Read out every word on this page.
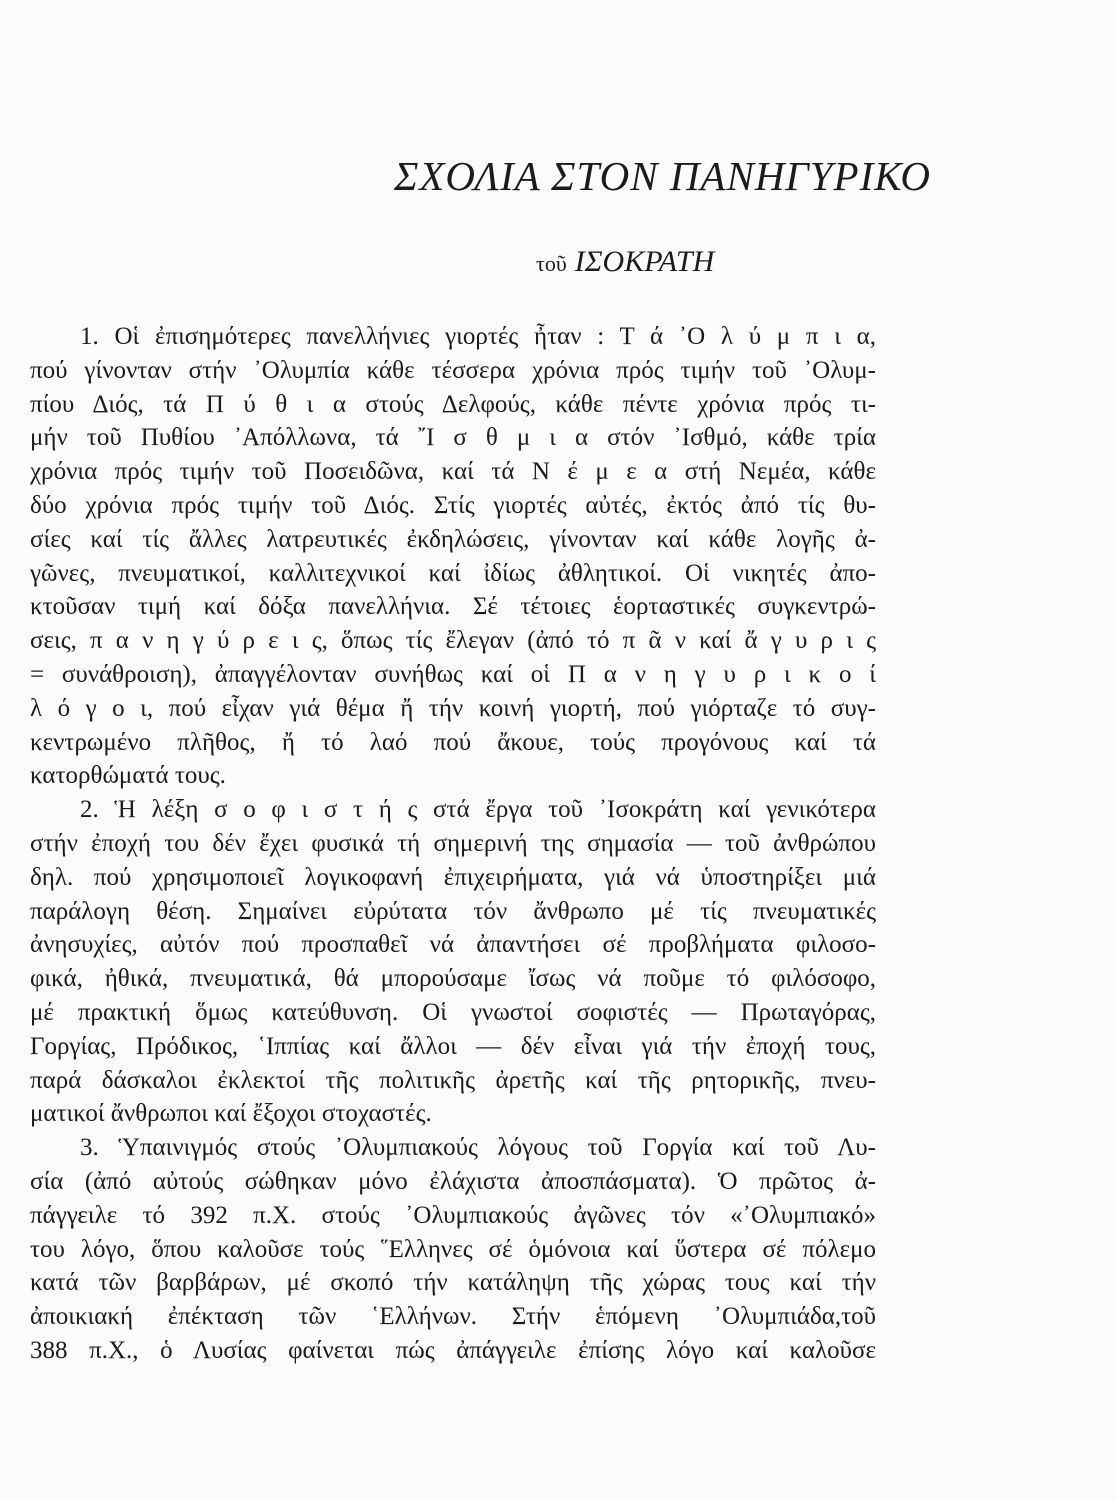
ΣΧΟΛΙΑ ΣΤΟΝ ΠΑΝΗΓΥΡΙΚΟ
τοῦ ΙΣΟΚΡΑΤΗ
1. Οἱ ἐπισημότερες πανελλήνιες γιορτές ἦταν : Τ ά ᾿Ο λ ύ μ π ι α,
πού γίνονταν στήν ᾿Ολυμπία κάθε τέσσερα χρόνια πρός τιμήν τοῦ ᾿Ολυμ-
πίου Διός, τά Π ύ θ ι α στούς Δελφούς, κάθε πέντε χρόνια πρός τι-
μήν τοῦ Πυθίου ᾿Απόλλωνα, τά ῎Ι σ θ μ ι α στόν ᾿Ισθμό, κάθε τρία
χρόνια πρός τιμήν τοῦ Ποσειδῶνα, καί τά Ν έ μ ε α στή Νεμέα, κάθε
δύο χρόνια πρός τιμήν τοῦ Διός. Στίς γιορτές αὐτές, ἐκτός ἀπό τίς θυ-
σίες καί τίς ἄλλες λατρευτικές ἐκδηλώσεις, γίνονταν καί κάθε λογῆς ἀ-
γῶνες, πνευματικοί, καλλιτεχνικοί καί ἰδίως ἀθλητικοί. Οἱ νικητές ἀπο-
κτοῦσαν τιμή καί δόξα πανελλήνια. Σέ τέτοιες ἑορταστικές συγκεντρώ-
σεις, π α ν η γ ύ ρ ε ι ς, ὅπως τίς ἔλεγαν (ἀπό τό π ᾶ ν καί ἄ γ υ ρ ι ς
= συνάθροιση), ἀπαγγέλονταν συνήθως καί οἱ Π α ν η γ υ ρ ι κ ο ί
λ ό γ ο ι, πού εἶχαν γιά θέμα ἤ τήν κοινή γιορτή, πού γιόρταζε τό συγ-
κεντρωμένο πλῆθος, ἤ τό λαό πού ἄκουε, τούς προγόνους καί τά
κατορθώματά τους.
2. Ἡ λέξη σ ο φ ι σ τ ή ς στά ἔργα τοῦ ᾿Ισοκράτη καί γενικότερα
στήν ἐποχή του δέν ἔχει φυσικά τή σημερινή της σημασία — τοῦ ἀνθρώπου
δηλ. πού χρησιμοποιεῖ λογικοφανή ἐπιχειρήματα, γιά νά ὑποστηρίξει μιά
παράλογη θέση. Σημαίνει εὐρύτατα τόν ἄνθρωπο μέ τίς πνευματικές
ἀνησυχίες, αὐτόν πού προσπαθεῖ νά ἀπαντήσει σέ προβλήματα φιλοσο-
φικά, ἠθικά, πνευματικά, θά μπορούσαμε ἴσως νά ποῦμε τό φιλόσοφο,
μέ πρακτική ὅμως κατεύθυνση. Οἱ γνωστοί σοφιστές — Πρωταγόρας,
Γοργίας, Πρόδικος, ῾Ιππίας καί ἄλλοι — δέν εἶναι γιά τήν ἐποχή τους,
παρά δάσκαλοι ἐκλεκτοί τῆς πολιτικῆς ἀρετῆς καί τῆς ρητορικῆς, πνευ-
ματικοί ἄνθρωποι καί ἔξοχοι στοχαστές.
3. Ὑπαινιγμός στούς ᾿Ολυμπιακούς λόγους τοῦ Γοργία καί τοῦ Λυ-
σία (ἀπό αὐτούς σώθηκαν μόνο ἐλάχιστα ἀποσπάσματα). Ὁ πρῶτος ἀ-
πάγγειλε τό 392 π.Χ. στούς ᾿Ολυμπιακούς ἀγῶνες τόν «᾿Ολυμπιακό»
του λόγο, ὅπου καλοῦσε τούς ῞Ελληνες σέ ὁμόνοια καί ὕστερα σέ πόλεμο
κατά τῶν βαρβάρων, μέ σκοπό τήν κατάληψη τῆς χώρας τους καί τήν
ἀποικιακή ἐπέκταση τῶν ῾Ελλήνων. Στήν ἑπόμενη ᾿Ολυμπιάδα,τοῦ
388 π.Χ., ὁ Λυσίας φαίνεται πώς ἀπάγγειλε ἐπίσης λόγο καί καλοῦσε
